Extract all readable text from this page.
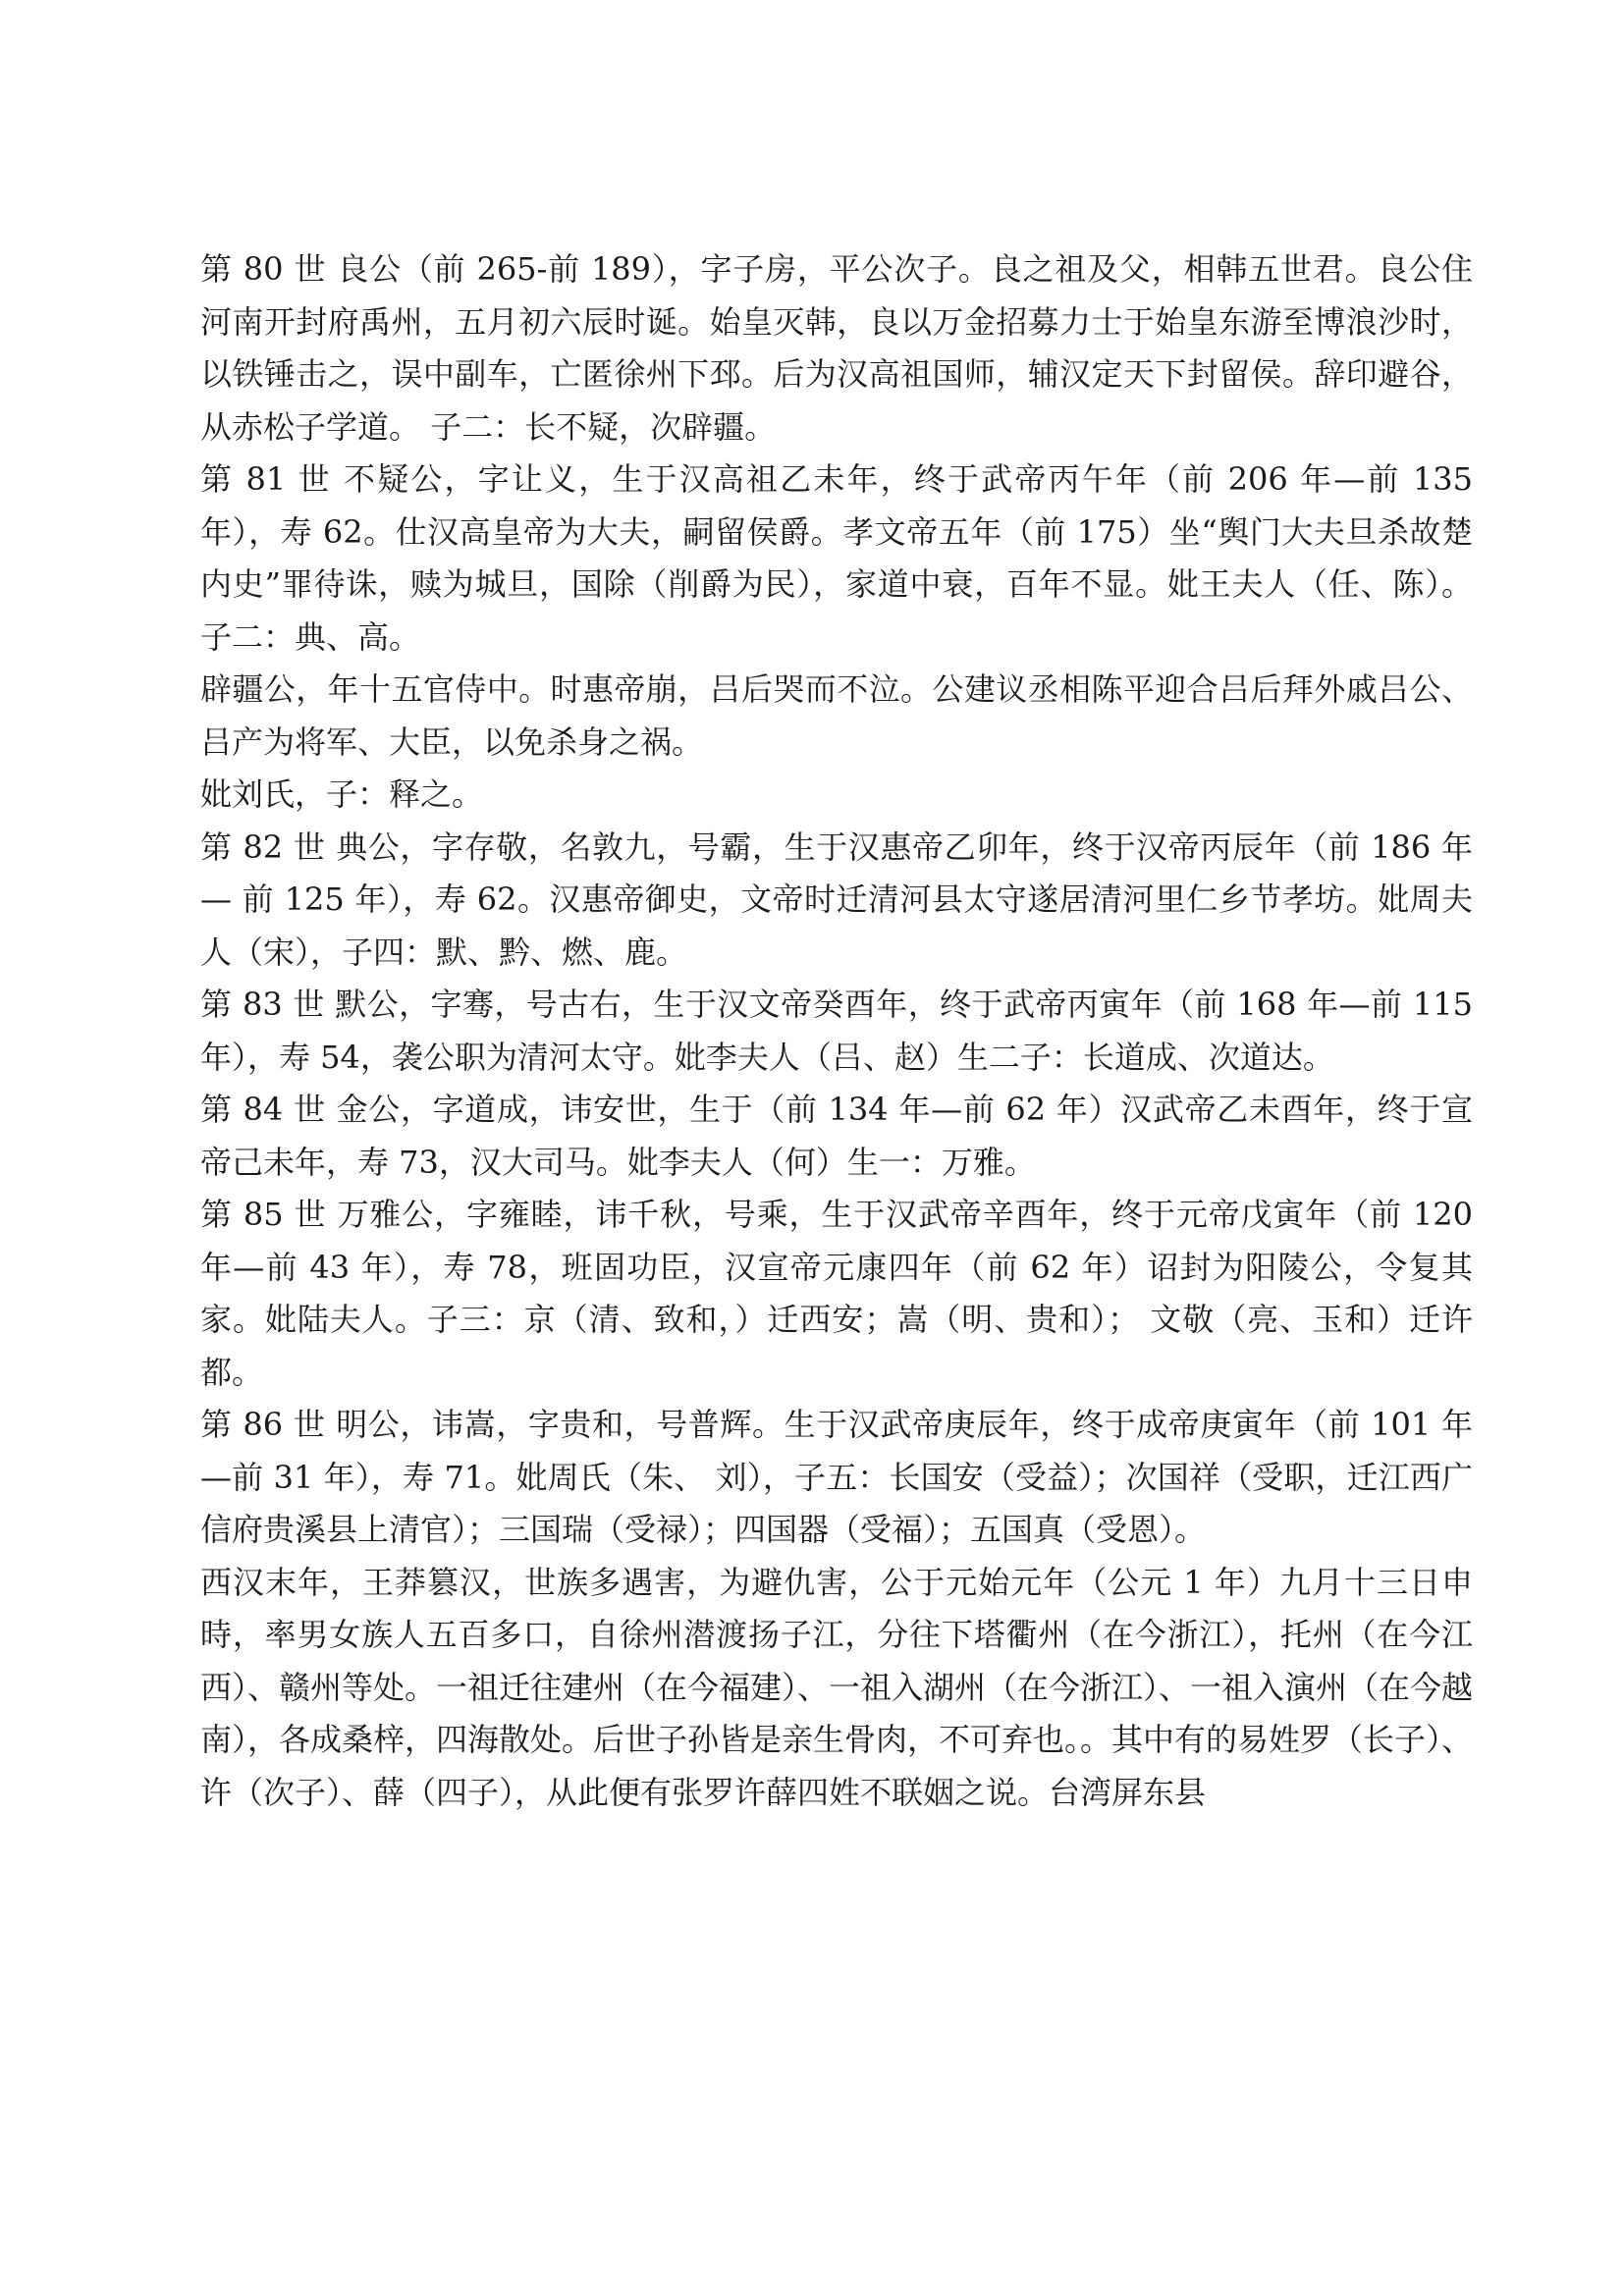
第 80 世 良公（前 265-前 189），字子房，平公次子。良之祖及父，相韩五世君。良公住河南开封府禹州，五月初六辰时诞。始皇灭韩，良以万金招募力士于始皇东游至博浪沙时，以铁锤击之，误中副车，亡匿徐州下邳。后为汉高祖国师，辅汉定天下封留侯。辞印避谷，从赤松子学道。 子二：长不疑，次辟疆。

第 81 世 不疑公，字让义，生于汉高祖乙未年，终于武帝丙午年（前 206 年—前 135 年），寿 62。仕汉高皇帝为大夫，嗣留侯爵。孝文帝五年（前 175）坐“舆门大夫旦杀故楚内史”罪待诛，赎为城旦，国除（削爵为民），家道中衰，百年不显。妣王夫人（任、陈）。子二：典、高。

辟疆公，年十五官侍中。时惠帝崩，吕后哭而不泣。公建议丞相陈平迎合吕后拜外戚吕公、吕产为将军、大臣，以免杀身之祸。

妣刘氏，子：释之。

第 82 世 典公，字存敬，名敦九，号霸，生于汉惠帝乙卯年，终于汉帝丙辰年（前 186 年— 前 125 年），寿 62。汉惠帝御史，文帝时迁清河县太守遂居清河里仁乡节孝坊。妣周夫人（宋），子四：默、黔、燃、鹿。

第 83 世 默公，字骞，号古右，生于汉文帝癸酉年，终于武帝丙寅年（前 168 年—前 115 年），寿 54，袭公职为清河太守。妣李夫人（吕、赵）生二子：长道成、次道达。

第 84 世 金公，字道成，讳安世，生于（前 134 年—前 62 年）汉武帝乙未酉年，终于宣帝己未年，寿 73，汉大司马。妣李夫人（何）生一：万雅。

第 85 世 万雅公，字雍睦，讳千秋，号乘，生于汉武帝辛酉年，终于元帝戊寅年（前 120 年—前 43 年），寿 78，班固功臣，汉宣帝元康四年（前 62 年）诏封为阳陵公，令复其家。妣陆夫人。子三：京（清、致和，）迁西安；嵩（明、贵和）； 文敬（亮、玉和）迁许都。

第 86 世 明公，讳嵩，字贵和，号普辉。生于汉武帝庚辰年，终于成帝庚寅年（前 101 年—前 31 年），寿 71。妣周氏（朱、 刘），子五：长国安（受益）；次国祥（受职，迁江西广信府贵溪县上清官）；三国瑞（受禄）；四国器（受福）；五国真（受恩）。

西汉末年，王莽篡汉，世族多遇害，为避仇害，公于元始元年（公元 1 年）九月十三日申時，率男女族人五百多口，自徐州潜渡扬子江，分往下塔衢州（在今浙江），托州（在今江西）、赣州等处。一祖迁往建州（在今福建）、一祖入湖州（在今浙江）、一祖入演州（在今越南），各成桑梓，四海散处。后世子孙皆是亲生骨肉，不可弃也。。其中有的易姓罗（长子）、许（次子）、薛（四子），从此便有张罗许薛四姓不联姻之说。台湾屏东县
